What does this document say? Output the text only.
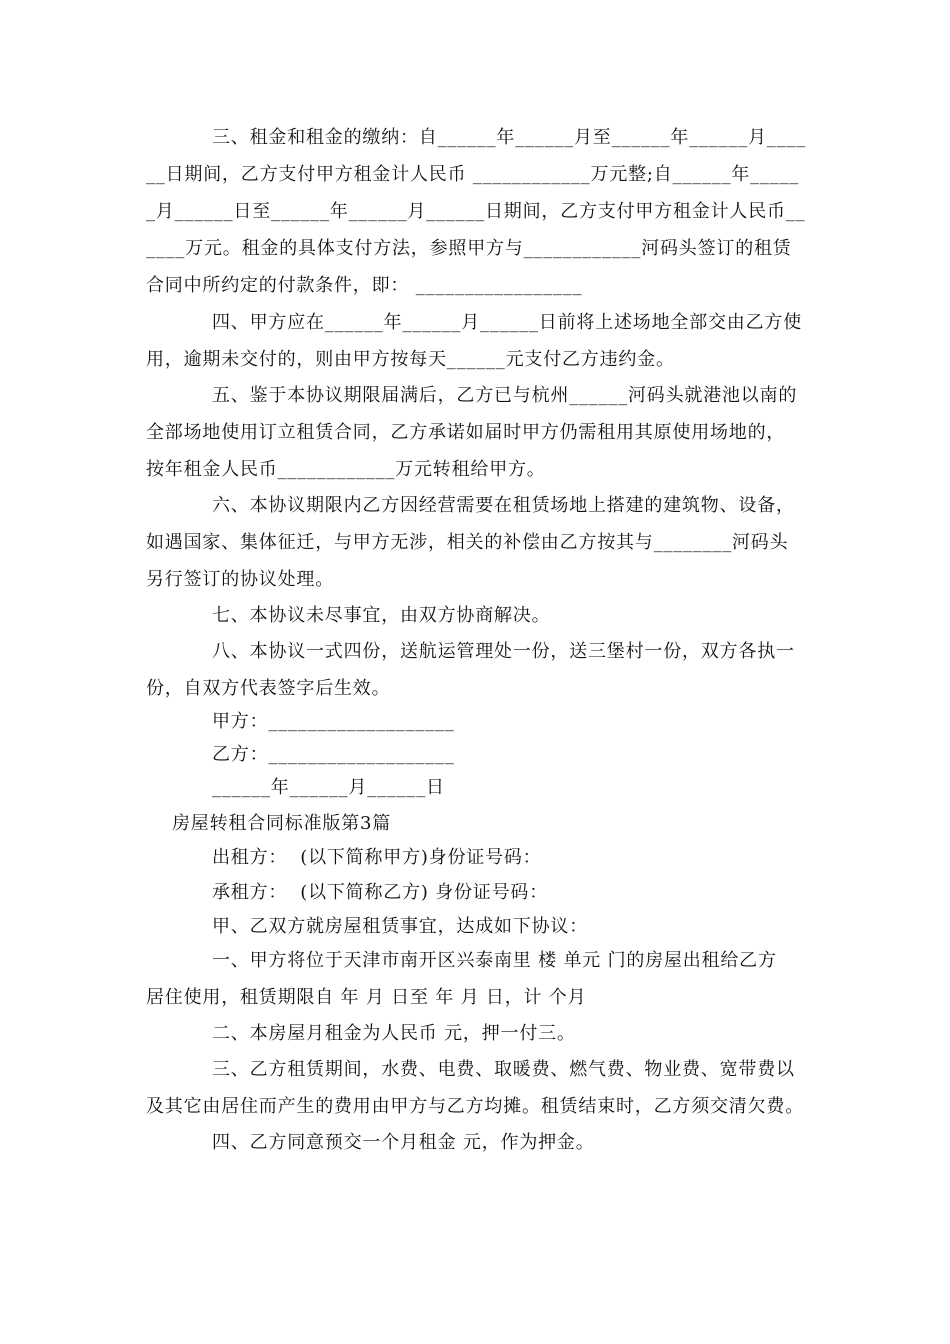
三、租金和租金的缴纳：自______年______月至______年______月____
__日期间，乙方支付甲方租金计人民币 ____________万元整;自______年_____
_月______日至______年______月______日期间，乙方支付甲方租金计人民币__
____万元。租金的具体支付方法，参照甲方与____________河码头签订的租赁
合同中所约定的付款条件，即： _________________
四、甲方应在______年______月______日前将上述场地全部交由乙方使
用，逾期未交付的，则由甲方按每天______元支付乙方违约金。
五、鉴于本协议期限届满后，乙方已与杭州______河码头就港池以南的
全部场地使用订立租赁合同，乙方承诺如届时甲方仍需租用其原使用场地的，
按年租金人民币____________万元转租给甲方。
六、本协议期限内乙方因经营需要在租赁场地上搭建的建筑物、设备，
如遇国家、集体征迁，与甲方无涉，相关的补偿由乙方按其与________河码头
另行签订的协议处理。
七、本协议未尽事宜，由双方协商解决。
八、本协议一式四份，送航运管理处一份，送三堡村一份，双方各执一
份，自双方代表签字后生效。
甲方：___________________
乙方：___________________
______年______月______日
房屋转租合同标准版第3篇
出租方：  (以下简称甲方)身份证号码：
承租方：  (以下简称乙方) 身份证号码：
甲、乙双方就房屋租赁事宜，达成如下协议：
一、甲方将位于天津市南开区兴泰南里 楼 单元 门的房屋出租给乙方
居住使用，租赁期限自 年 月 日至 年 月 日，计 个月
二、本房屋月租金为人民币 元，押一付三。
三、乙方租赁期间，水费、电费、取暖费、燃气费、物业费、宽带费以
及其它由居住而产生的费用由甲方与乙方均摊。租赁结束时，乙方须交清欠费。
四、乙方同意预交一个月租金 元，作为押金。
